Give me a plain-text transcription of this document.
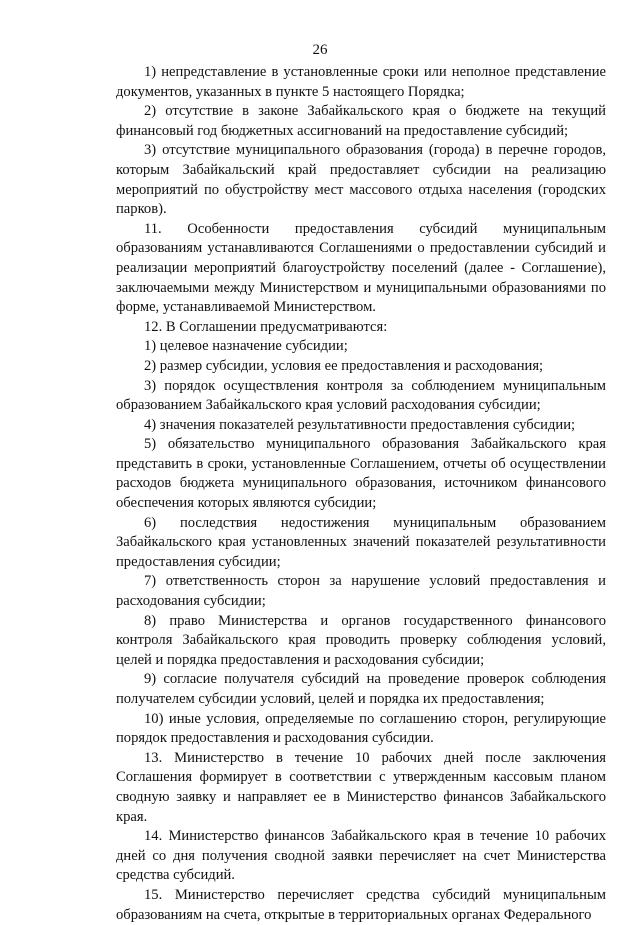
26

1) непредставление в установленные сроки или неполное представление документов, указанных в пункте 5 настоящего Порядка;

2) отсутствие в законе Забайкальского края о бюджете на текущий финансовый год бюджетных ассигнований на предоставление субсидий;

3) отсутствие муниципального образования (города) в перечне городов, которым Забайкальский край предоставляет субсидии на реализацию мероприятий по обустройству мест массового отдыха населения (городских парков).

11. Особенности предоставления субсидий муниципальным образованиям устанавливаются Соглашениями о предоставлении субсидий и реализации мероприятий благоустройству поселений (далее - Соглашение), заключаемыми между Министерством и муниципальными образованиями по форме, устанавливаемой Министерством.

12. В Соглашении предусматриваются:

1) целевое назначение субсидии;

2) размер субсидии, условия ее предоставления и расходования;

3) порядок осуществления контроля за соблюдением муниципальным образованием Забайкальского края условий расходования субсидии;

4) значения показателей результативности предоставления субсидии;

5) обязательство муниципального образования Забайкальского края представить в сроки, установленные Соглашением, отчеты об осуществлении расходов бюджета муниципального образования, источником финансового обеспечения которых являются субсидии;

6) последствия недостижения муниципальным образованием Забайкальского края установленных значений показателей результативности предоставления субсидии;

7) ответственность сторон за нарушение условий предоставления и расходования субсидии;

8) право Министерства и органов государственного финансового контроля Забайкальского края проводить проверку соблюдения условий, целей и порядка предоставления и расходования субсидии;

9) согласие получателя субсидий на проведение проверок соблюдения получателем субсидии условий, целей и порядка их предоставления;

10) иные условия, определяемые по соглашению сторон, регулирующие порядок предоставления и расходования субсидии.

13. Министерство в течение 10 рабочих дней после заключения Соглашения формирует в соответствии с утвержденным кассовым планом сводную заявку и направляет ее в Министерство финансов Забайкальского края.

14. Министерство финансов Забайкальского края в течение 10 рабочих дней со дня получения сводной заявки перечисляет на счет Министерства средства субсидий.

15. Министерство перечисляет средства субсидий муниципальным образованиям на счета, открытые в территориальных органах Федерального
